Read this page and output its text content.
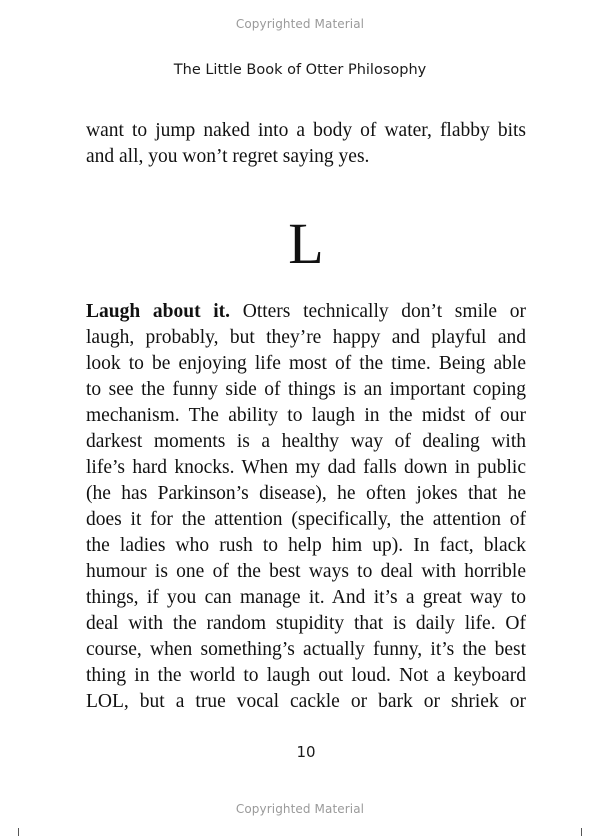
Copyrighted Material
The Little Book of Otter Philosophy
want to jump naked into a body of water, flabby bits
and all, you won’t regret saying yes.
L
Laugh about it. Otters technically don’t smile or
laugh, probably, but they’re happy and playful and
look to be enjoying life most of the time. Being able
to see the funny side of things is an important coping
mechanism. The ability to laugh in the midst of our
darkest moments is a healthy way of dealing with
life’s hard knocks. When my dad falls down in public
(he has Parkinson’s disease), he often jokes that he
does it for the attention (specifically, the attention of
the ladies who rush to help him up). In fact, black
humour is one of the best ways to deal with horrible
things, if you can manage it. And it’s a great way to
deal with the random stupidity that is daily life. Of
course, when something’s actually funny, it’s the best
thing in the world to laugh out loud. Not a keyboard
LOL, but a true vocal cackle or bark or shriek or
10
Copyrighted Material
